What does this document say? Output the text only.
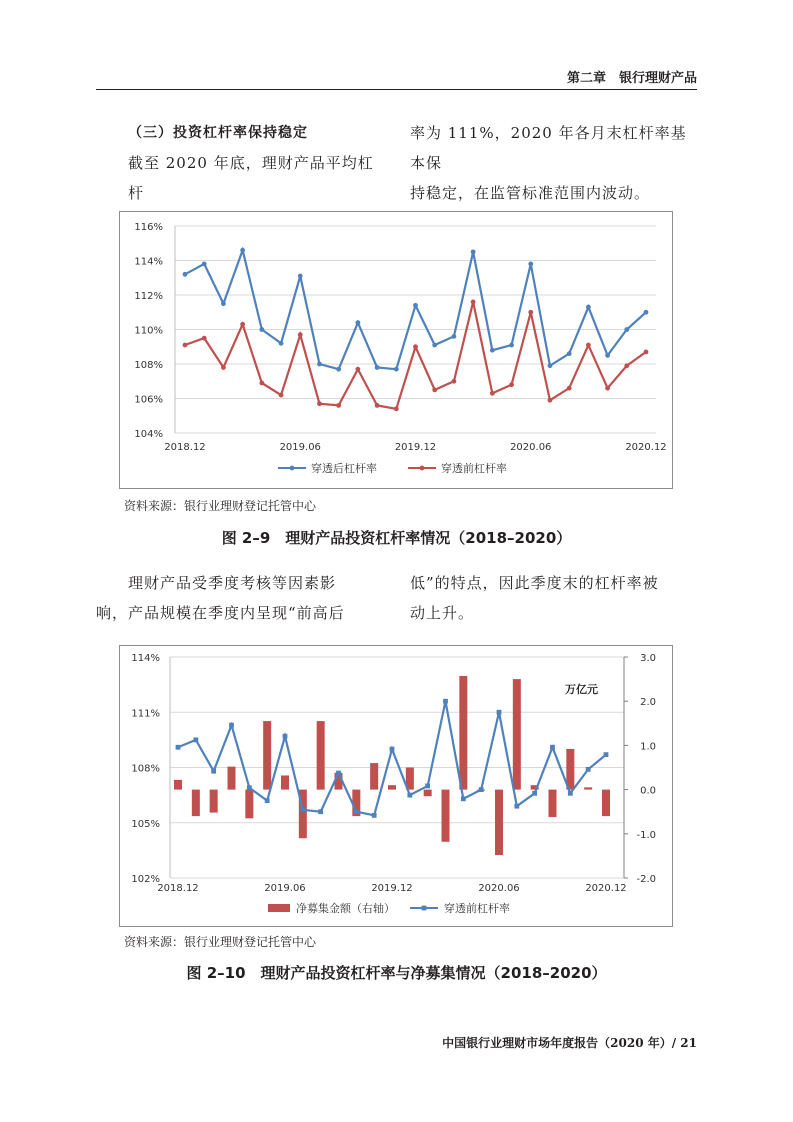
第二章　银行理财产品

（三）投资杠杆率保持稳定

截至 2020 年底，理财产品平均杠杆

率为 111%，2020 年各月末杠杆率基本保

持稳定，在监管标准范围内波动。

104%
106%
108%
110%
112%
114%
116%
2018.12	2019.06	2019.12	2020.06	2020.12
穿透后杠杆率	穿透前杠杆率
资料来源：银行业理财登记托管中心
图 2–9　理财产品投资杠杆率情况（2018–2020）

理财产品受季度考核等因素影

响，产品规模在季度内呈现“前高后

低”的特点，因此季度末的杠杆率被

动上升。

102%
105%
108%
111%
114%
-2.0
-1.0
0.0
1.0
2.0
3.0
2018.12	2019.06	2019.12	2020.06	2020.12
万亿元
净募集金额（右轴）	穿透前杠杆率
资料来源：银行业理财登记托管中心
图 2–10　理财产品投资杠杆率与净募集情况（2018–2020）
中国银行业理财市场年度报告（2020 年）/ 21
